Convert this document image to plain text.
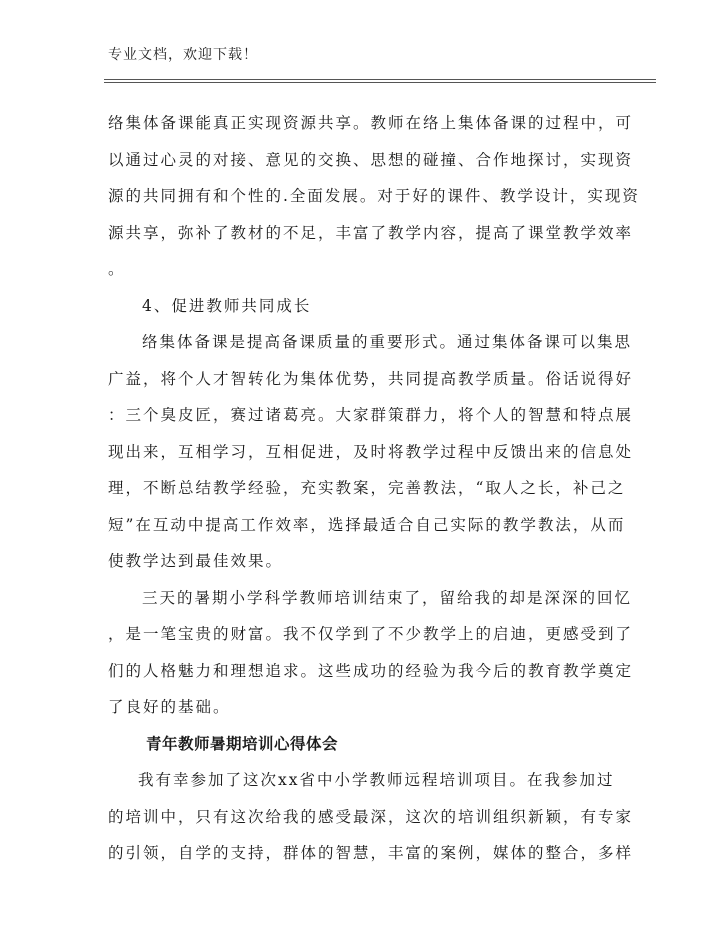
专业文档，欢迎下载！
络集体备课能真正实现资源共享。教师在络上集体备课的过程中，可
以通过心灵的对接、意见的交换、思想的碰撞、合作地探讨，实现资
源的共同拥有和个性的.全面发展。对于好的课件、教学设计，实现资
源共享，弥补了教材的不足，丰富了教学内容，提高了课堂教学效率
。
4、促进教师共同成长
络集体备课是提高备课质量的重要形式。通过集体备课可以集思
广益，将个人才智转化为集体优势，共同提高教学质量。俗话说得好
：三个臭皮匠，赛过诸葛亮。大家群策群力，将个人的智慧和特点展
现出来，互相学习，互相促进，及时将教学过程中反馈出来的信息处
理，不断总结教学经验，充实教案，完善教法，“取人之长，补己之
短”在互动中提高工作效率，选择最适合自己实际的教学教法，从而
使教学达到最佳效果。
三天的暑期小学科学教师培训结束了，留给我的却是深深的回忆
，是一笔宝贵的财富。我不仅学到了不少教学上的启迪，更感受到了
们的人格魅力和理想追求。这些成功的经验为我今后的教育教学奠定
了良好的基础。
青年教师暑期培训心得体会
我有幸参加了这次xx省中小学教师远程培训项目。在我参加过
的培训中，只有这次给我的感受最深，这次的培训组织新颖，有专家
的引领，自学的支持，群体的智慧，丰富的案例，媒体的整合，多样
